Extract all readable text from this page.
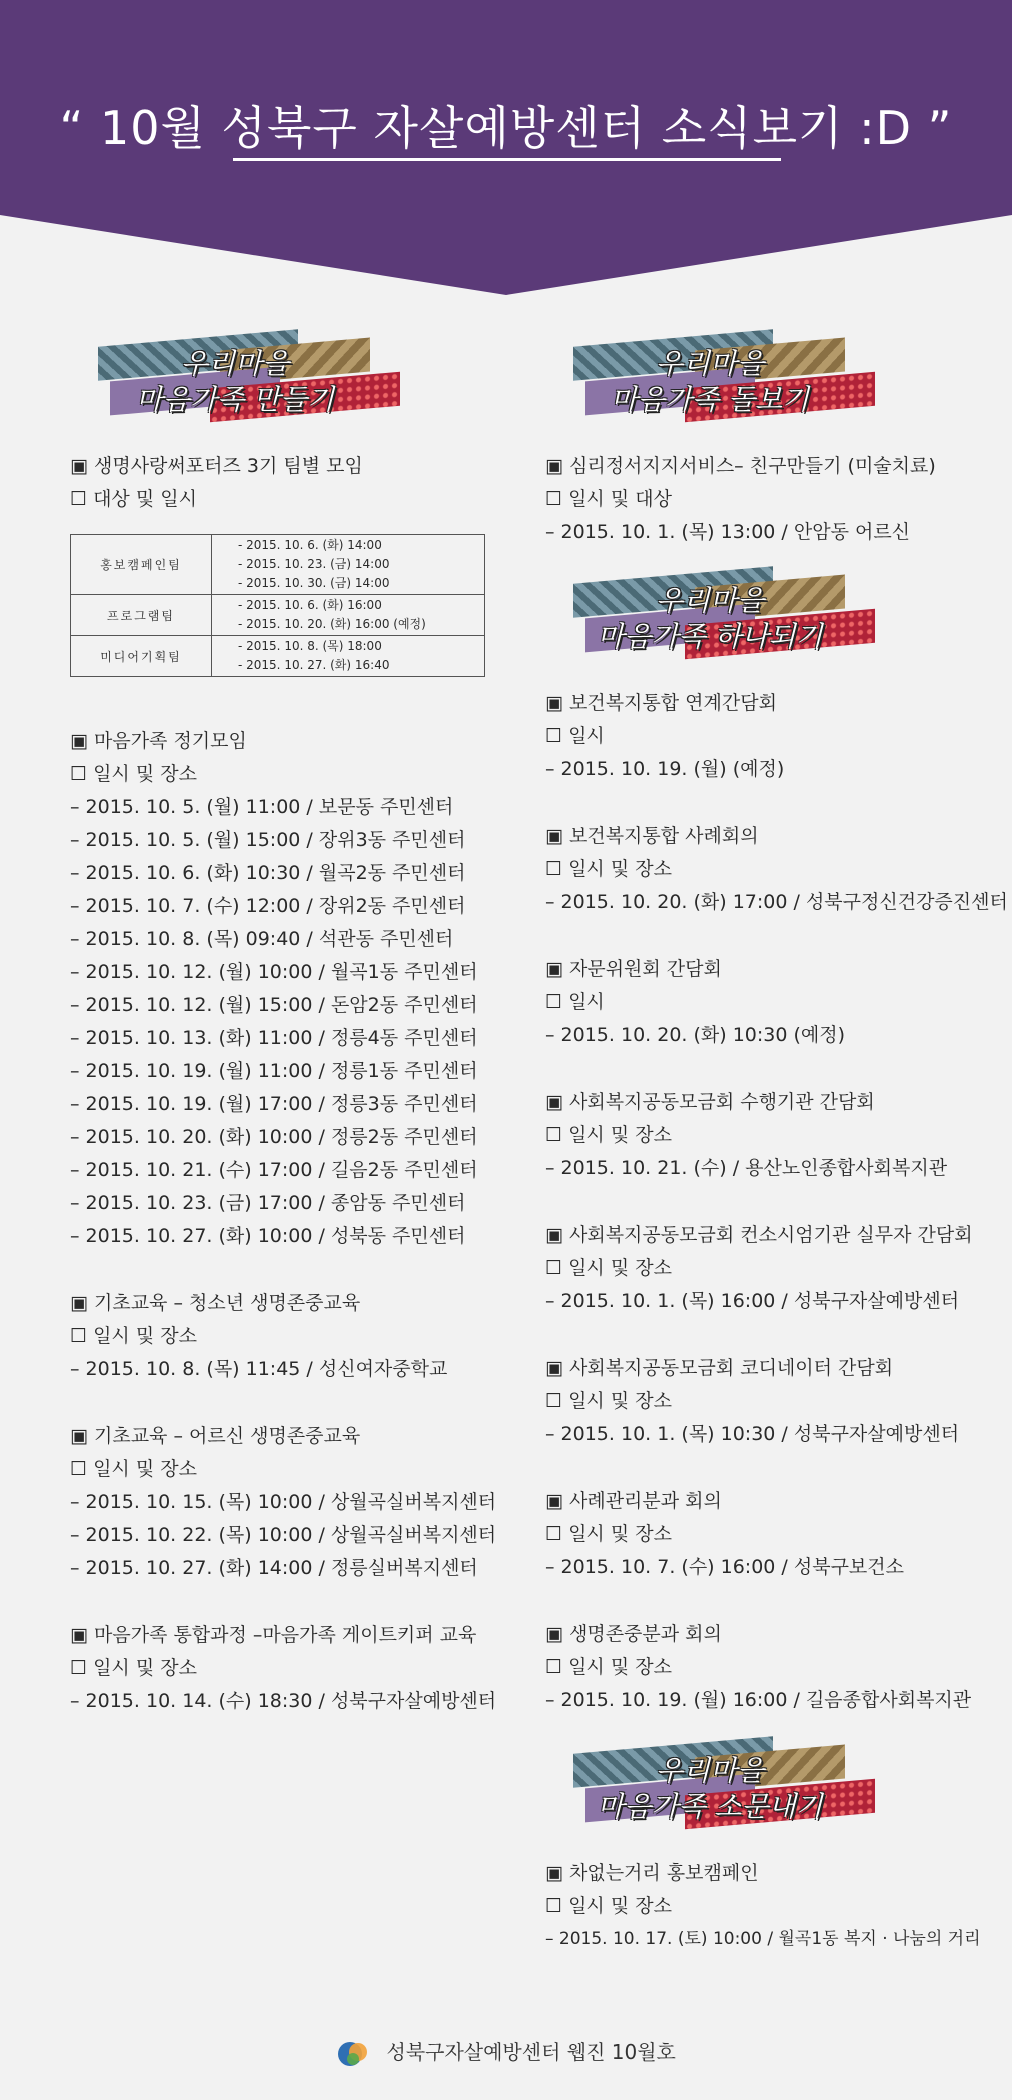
“ 10월 성북구 자살예방센터 소식보기 :D ”
우리마을
마음가족 만들기
▣ 생명사랑써포터즈 3기 팀별 모임
☐ 대상 및 일시
홍보캠페인팀	- 2015. 10. 6. (화) 14:00
- 2015. 10. 23. (금) 14:00
- 2015. 10. 30. (금) 14:00

프로그램팀	- 2015. 10. 6. (화) 16:00
- 2015. 10. 20. (화) 16:00 (예정)

미디어기획팀	- 2015. 10. 8. (목) 18:00
- 2015. 10. 27. (화) 16:40
▣ 마음가족 정기모임
☐ 일시 및 장소
– 2015. 10. 5. (월) 11:00 / 보문동 주민센터
– 2015. 10. 5. (월) 15:00 / 장위3동 주민센터
– 2015. 10. 6. (화) 10:30 / 월곡2동 주민센터
– 2015. 10. 7. (수) 12:00 / 장위2동 주민센터
– 2015. 10. 8. (목) 09:40 / 석관동 주민센터
– 2015. 10. 12. (월) 10:00 / 월곡1동 주민센터
– 2015. 10. 12. (월) 15:00 / 돈암2동 주민센터
– 2015. 10. 13. (화) 11:00 / 정릉4동 주민센터
– 2015. 10. 19. (월) 11:00 / 정릉1동 주민센터
– 2015. 10. 19. (월) 17:00 / 정릉3동 주민센터
– 2015. 10. 20. (화) 10:00 / 정릉2동 주민센터
– 2015. 10. 21. (수) 17:00 / 길음2동 주민센터
– 2015. 10. 23. (금) 17:00 / 종암동 주민센터
– 2015. 10. 27. (화) 10:00 / 성북동 주민센터
▣ 기초교육 – 청소년 생명존중교육
☐ 일시 및 장소
– 2015. 10. 8. (목) 11:45 / 성신여자중학교
▣ 기초교육 – 어르신 생명존중교육
☐ 일시 및 장소
– 2015. 10. 15. (목) 10:00 / 상월곡실버복지센터
– 2015. 10. 22. (목) 10:00 / 상월곡실버복지센터
– 2015. 10. 27. (화) 14:00 / 정릉실버복지센터
▣ 마음가족 통합과정 –마음가족 게이트키퍼 교육
☐ 일시 및 장소
– 2015. 10. 14. (수) 18:30 / 성북구자살예방센터
우리마을
마음가족 돌보기
▣ 심리정서지지서비스– 친구만들기 (미술치료)
☐ 일시 및 대상
– 2015. 10. 1. (목) 13:00 / 안암동 어르신
우리마을
마음가족 하나되기
▣ 보건복지통합 연계간담회
☐ 일시
– 2015. 10. 19. (월) (예정)
▣ 보건복지통합 사례회의
☐ 일시 및 장소
– 2015. 10. 20. (화) 17:00 / 성북구정신건강증진센터
▣ 자문위원회 간담회
☐ 일시
– 2015. 10. 20. (화) 10:30 (예정)
▣ 사회복지공동모금회 수행기관 간담회
☐ 일시 및 장소
– 2015. 10. 21. (수) / 용산노인종합사회복지관
▣ 사회복지공동모금회 컨소시엄기관 실무자 간담회
☐ 일시 및 장소
– 2015. 10. 1. (목) 16:00 / 성북구자살예방센터
▣ 사회복지공동모금회 코디네이터 간담회
☐ 일시 및 장소
– 2015. 10. 1. (목) 10:30 / 성북구자살예방센터
▣ 사례관리분과 회의
☐ 일시 및 장소
– 2015. 10. 7. (수) 16:00 / 성북구보건소
▣ 생명존중분과 회의
☐ 일시 및 장소
– 2015. 10. 19. (월) 16:00 / 길음종합사회복지관
우리마을
마음가족 소문내기
▣ 차없는거리 홍보캠페인
☐ 일시 및 장소
– 2015. 10. 17. (토) 10:00 / 월곡1동 복지 · 나눔의 거리
성북구자살예방센터 웹진 10월호
